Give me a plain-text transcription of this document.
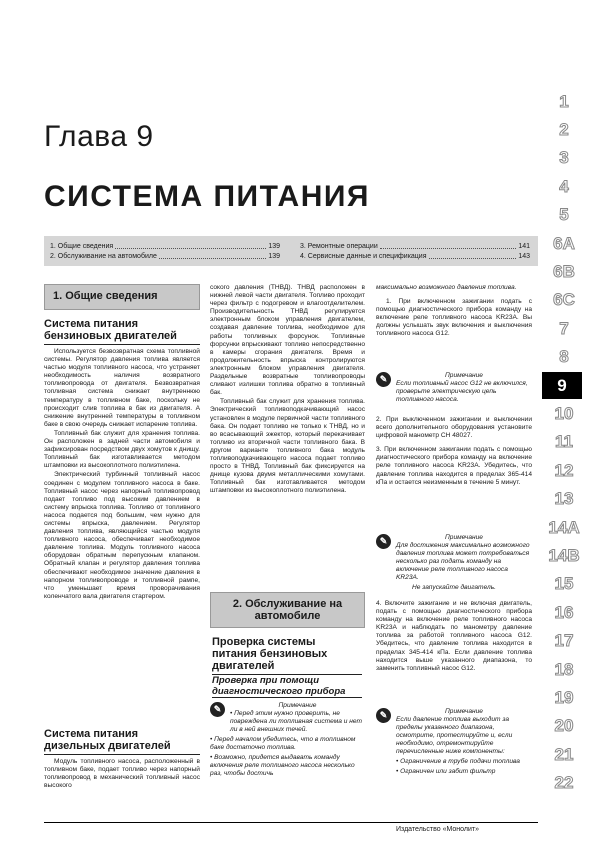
Глава 9
СИСТЕМА ПИТАНИЯ
1. Общие сведения	139
2. Обслуживание на автомобиле	139
3. Ремонтные операции	141
4. Сервисные данные и спецификация	143
1. Общие сведения
Система питания бензиновых двигателей

Используется безвозвратная схема топливной системы. Регулятор давления топлива является частью модуля топливного насоса, что устраняет необходимость наличия возвратного топливопровода от двигателя. Безвозвратная топливная система снижает внутреннюю температуру в топливном баке, поскольку не происходит слив топлива в бак из двигателя. А снижение внутренней температуры в топливном баке в свою очередь снижает испарение топлива.

Топливный бак служит для хранения топлива. Он расположен в задней части автомобиля и зафиксирован посредством двух хомутов к днищу. Топливный бак изготавливается методом штамповки из высокоплотного полиэтилена.

Электрический турбинный топливный насос соединен с модулем топливного насоса в баке. Топливный насос через напорный топливопровод подает топливо под высоким давлением в систему впрыска топлива. Топливо от топливного насоса подается под большим, чем нужно для системы впрыска, давлением. Регулятор давления топлива, являющийся частью модуля топливного насоса, обеспечивает необходимое давление топлива. Модуль топливного насоса оборудован обратным перепускным клапаном. Обратный клапан и регулятор давления топлива обеспечивают необходимое значение давления в напорном топливопроводе и топливной рампе, что уменьшает время проворачивания коленчатого вала двигателя стартером.

Система питания дизельных двигателей

Модуль топливного насоса, расположенный в топливном баке, подает топливо через напорный топливопровод в механический топливный насос высокого

сокого давления (ТНВД). ТНВД расположен в нижней левой части двигателя. Топливо проходит через фильтр с подогревом и влагоотделителем. Производительность ТНВД регулируется электронным блоком управления двигателем, создавая давление топлива, необходимое для работы топливных форсунок. Топливные форсунки впрыскивают топливо непосредственно в камеры сгорания двигателя. Время и продолжительность впрыска контролируются электронным блоком управления двигателя. Раздельные возвратные топливопроводы сливают излишки топлива обратно в топливный бак.

Топливный бак служит для хранения топлива. Электрический топливоподкачивающий насос установлен в модуле первичной части топливного бака. Он подает топливо не только к ТНВД, но и во всасывающий эжектор, который перекачивает топливо из вторичной части топливного бака. В другом варианте топливного бака модуль топливоподкачивающего насоса подает топливо просто в ТНВД. Топливный бак фиксируется на днище кузова двумя металлическими хомутами. Топливный бак изготавливается методом штамповки из высокоплотного полиэтилена.

2. Обслуживание на автомобиле
Проверка системы питания бензиновых двигателей
Проверка при помощи диагностического прибора
✎	Примечание
• Перед этим нужно проверить, не повреждена ли топливная система и нет ли в ней внешних течей.
• Перед началом убедитесь, что в топливном баке достаточно топлива.
• Возможно, придется выдавать команду включения реле топливного насоса несколько раз, чтобы достичь

максимально возможного давления топлива.

1. При включенном зажигании подать с помощью диагностического прибора команду на включение реле топливного насоса KR23A. Вы должны услышать звук включения и выключения топливного насоса G12.

✎	Примечание
Если топливный насос G12 не включился, проверьте электрическую цепь топливного насоса.

2. При выключенном зажигании и выключении всего дополнительного оборудования установите цифровой манометр CH 48027.

3. При включенном зажигании подать с помощью диагностического прибора команду на включение реле топливного насоса KR23A. Убедитесь, что давление топлива находится в пределах 365-414 кПа и остается неизменным в течение 5 минут.

✎	Примечание
Для достижения максимально возможного давления топлива может потребоваться несколько раз подать команду на включение реле топливного насоса KR23A.
Не запускайте двигатель.

4. Включите зажигание и не включая двигатель, подать с помощью диагностического прибора команду на включение реле топливного насоса KR23A и наблюдать по манометру давление топлива за работой топливного насоса G12. Убедитесь, что давление топлива находится в пределах 345-414 кПа. Если давление топлива находится выше указанного диапазона, то заменить топливный насос G12.

✎	Примечание
Если давление топлива выходит за пределы указанного диапазона, осмотрите, протестируйте и, если необходимо, отремонтируйте перечисленные ниже компоненты:
• Ограничение в трубе подачи топлива
• Ограничен или забит фильтр
1
2
3
4
5
6A
6B
6C
7
8
9
10
11
12
13
14A
14B
15
16
17
18
19
20
21
22
Издательство «Монолит»
